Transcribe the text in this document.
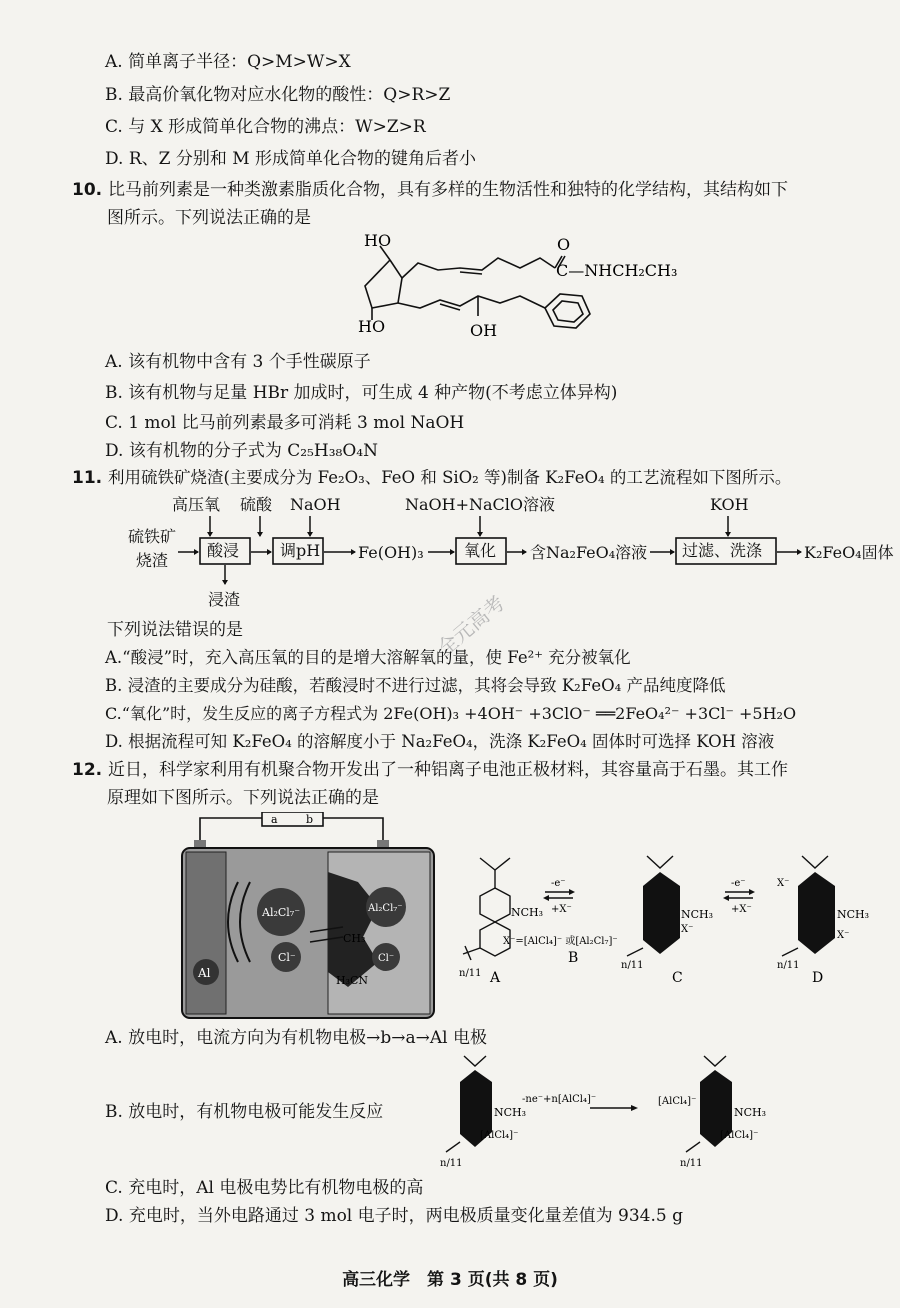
A. 简单离子半径：Q>M>W>X
B. 最高价氧化物对应水化物的酸性：Q>R>Z
C. 与 X 形成简单化合物的沸点：W>Z>R
D. R、Z 分别和 M 形成简单化合物的键角后者小
10. 比马前列素是一种类激素脂质化合物，具有多样的生物活性和独特的化学结构，其结构如下
图所示。下列说法正确的是
HO
HO	OH
O
C—NHCH₂CH₃
A. 该有机物中含有 3 个手性碳原子
B. 该有机物与足量 HBr 加成时，可生成 4 种产物(不考虑立体异构)
C. 1 mol 比马前列素最多可消耗 3 mol NaOH
D. 该有机物的分子式为 C₂₅H₃₈O₄N
11. 利用硫铁矿烧渣(主要成分为 Fe₂O₃、FeO 和 SiO₂ 等)制备 K₂FeO₄ 的工艺流程如下图所示。
高压氧 硫酸 NaOH	NaOH+NaClO溶液	KOH
硫铁矿
烧渣
酸浸	调pH Fe(OH)₃	氧化 含Na₂FeO₄溶液 过滤、洗涤	K₂FeO₄固体
浸渣	全元高考
下列说法错误的是
A.“酸浸”时，充入高压氧的目的是增大溶解氧的量，使 Fe²⁺ 充分被氧化
B. 浸渣的主要成分为硅酸，若酸浸时不进行过滤，其将会导致 K₂FeO₄ 产品纯度降低
C.“氧化”时，发生反应的离子方程式为 2Fe(OH)₃ +4OH⁻ +3ClO⁻ ══2FeO₄²⁻ +3Cl⁻ +5H₂O
D. 根据流程可知 K₂FeO₄ 的溶解度小于 Na₂FeO₄，洗涤 K₂FeO₄ 固体时可选择 KOH 溶液
12. 近日，科学家利用有机聚合物开发出了一种铝离子电池正极材料，其容量高于石墨。其工作
原理如下图所示。下列说法正确的是
a	b
Al
Al₂Cl₇⁻
Cl⁻
Al₂Cl₇⁻
Cl⁻
CH₃
H₃CN
NCH₃	NCH₃	NCH₃
X⁻=[AlCl₄]⁻ 或[Al₂Cl₇]⁻
n/11
n/11	n/11
-e⁻
+X⁻
-e⁻
+X⁻
X⁻
X⁻
X⁻
A
B
C	D
A. 放电时，电流方向为有机物电极→b→a→Al 电极
B. 放电时，有机物电极可能发生反应
-ne⁻+n[AlCl₄]⁻
NCH₃
[AlCl₄]⁻
[AlCl₄]⁻
NCH₃
[AlCl₄]⁻
n/11	n/11
C. 充电时，Al 电极电势比有机物电极的高
D. 充电时，当外电路通过 3 mol 电子时，两电极质量变化量差值为 934.5 g
高三化学　第 3 页(共 8 页)
